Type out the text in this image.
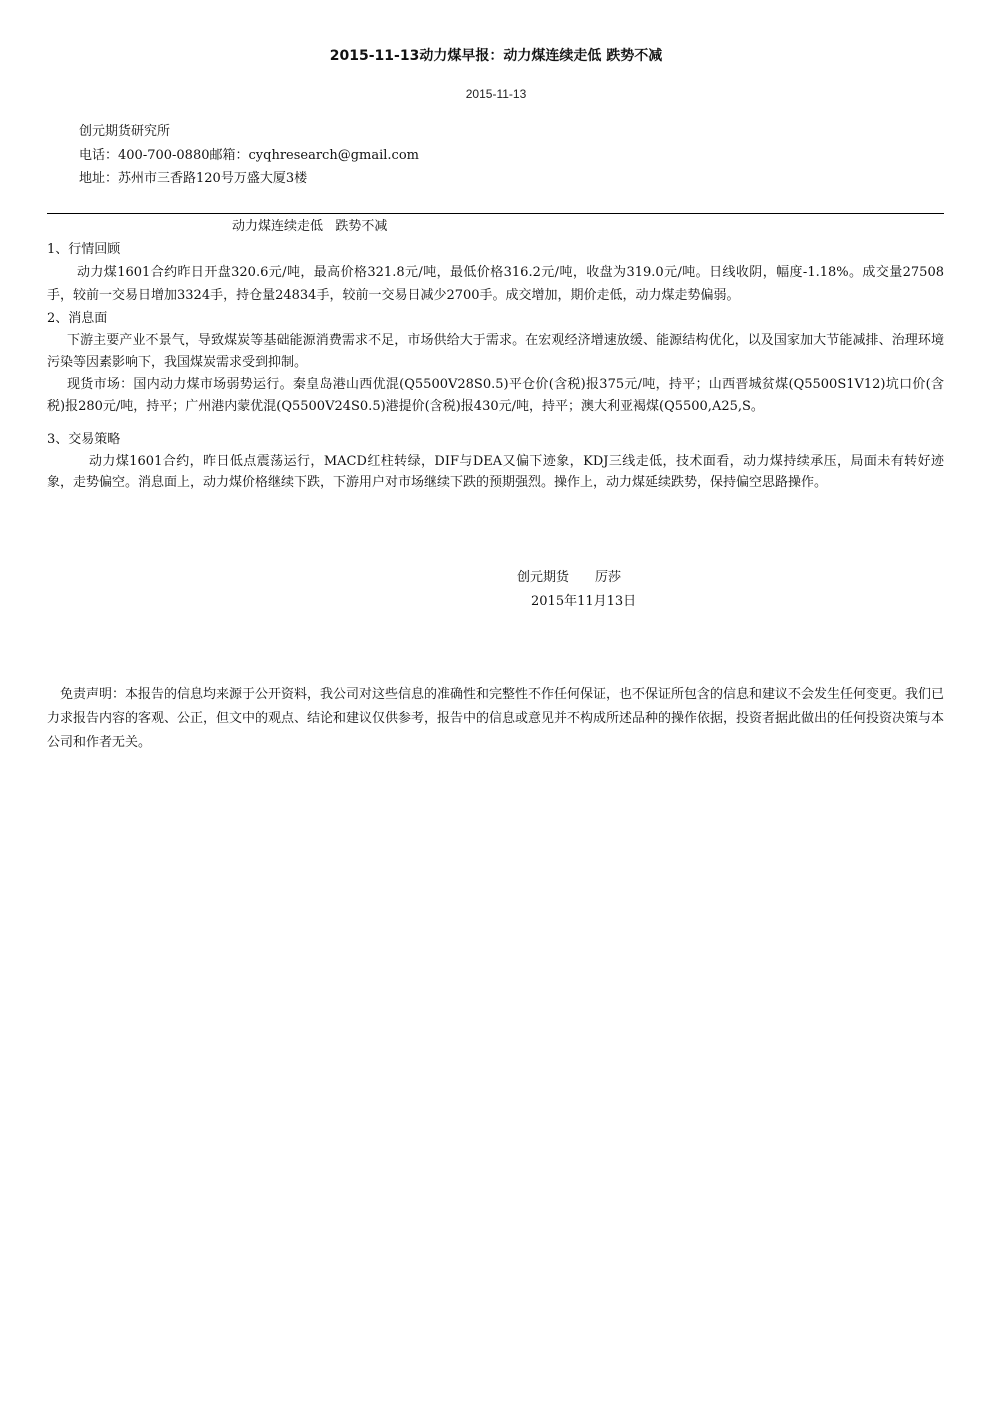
2015-11-13动力煤早报：动力煤连续走低 跌势不减
2015-11-13
创元期货研究所
电话：400-700-0880邮箱：cyqhresearch@gmail.com
地址：苏州市三香路120号万盛大厦3楼
动力煤连续走低   跌势不减
1、行情回顾
动力煤1601合约昨日开盘320.6元/吨，最高价格321.8元/吨，最低价格316.2元/吨，收盘为319.0元/吨。日线收阴，幅度-1.18%。成交量27508手，较前一交易日增加3324手，持仓量24834手，较前一交易日减少2700手。成交增加，期价走低，动力煤走势偏弱。
2、消息面
下游主要产业不景气，导致煤炭等基础能源消费需求不足，市场供给大于需求。在宏观经济增速放缓、能源结构优化，以及国家加大节能减排、治理环境污染等因素影响下，我国煤炭需求受到抑制。
现货市场：国内动力煤市场弱势运行。秦皇岛港山西优混(Q5500V28S0.5)平仓价(含税)报375元/吨，持平；山西晋城贫煤(Q5500S1V12)坑口价(含税)报280元/吨，持平；广州港内蒙优混(Q5500V24S0.5)港提价(含税)报430元/吨，持平；澳大利亚褐煤(Q5500,A25,S。
3、交易策略
动力煤1601合约，昨日低点震荡运行，MACD红柱转绿，DIF与DEA又偏下迹象，KDJ三线走低，技术面看，动力煤持续承压，局面未有转好迹象，走势偏空。消息面上，动力煤价格继续下跌，下游用户对市场继续下跌的预期强烈。操作上，动力煤延续跌势，保持偏空思路操作。
创元期货 厉莎
2015年11月13日
免责声明：本报告的信息均来源于公开资料，我公司对这些信息的准确性和完整性不作任何保证，也不保证所包含的信息和建议不会发生任何变更。我们已力求报告内容的客观、公正，但文中的观点、结论和建议仅供参考，报告中的信息或意见并不构成所述品种的操作依据，投资者据此做出的任何投资决策与本公司和作者无关。
